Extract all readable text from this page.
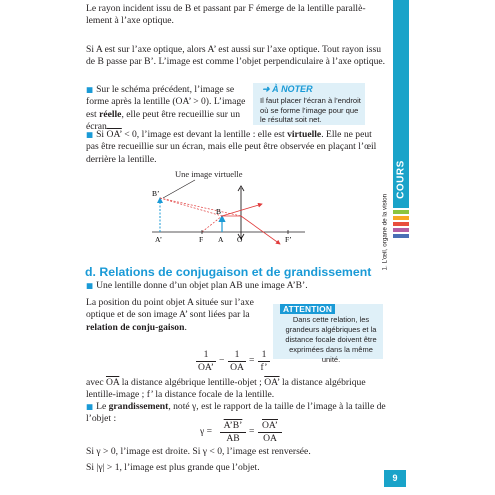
Le rayon incident issu de B et passant par F émerge de la lentille parallè-lement à l’axe optique.
Si A est sur l’axe optique, alors A’ est aussi sur l’axe optique. Tout rayon issu de B passe par B’. L’image est comme l’objet perpendiculaire à l’axe optique.
■ Sur le schéma précédent, l’image se forme après la lentille (OA’ > 0). L’image est réelle, elle peut être recueillie sur un écran.
➜ À NOTER
Il faut placer l’écran à l’endroit où se forme l’image pour que le résultat soit net.
■ Si OA’ < 0, l’image est devant la lentille : elle est virtuelle. Elle ne peut pas être recueillie sur un écran, mais elle peut être observée en plaçant l’œil derrière la lentille.
Une image virtuelle
B’
B
A’	F A O	F’
d. Relations de conjugaison et de grandissement
■ Une lentille donne d’un objet plan AB une image A’B’.
La position du point objet A située sur l’axe optique et de son image A’ sont liées par la relation de conju-gaison.
ATTENTION
Dans cette relation, les grandeurs algébriques et la distance focale doivent être exprimées dans la même unité.
1
OA’
−
1
$\overline{OA}$
=
1
f’
avec $\overline{OA}$ la distance algébrique lentille-objet ; OA’ la distance algébrique lentille-image ; f’ la distance focale de la lentille.
■ Le grandissement, noté γ, est le rapport de la taille de l’image à la taille de l’objet :
γ =
A’B’
$\overline{AB}$
=
OA’
$\overline{OA}$
Si γ > 0, l’image est droite. Si γ < 0, l’image est renversée.
Si |γ| > 1, l’image est plus grande que l’objet.
COURS
1. L’œil, organe de la vision
9
